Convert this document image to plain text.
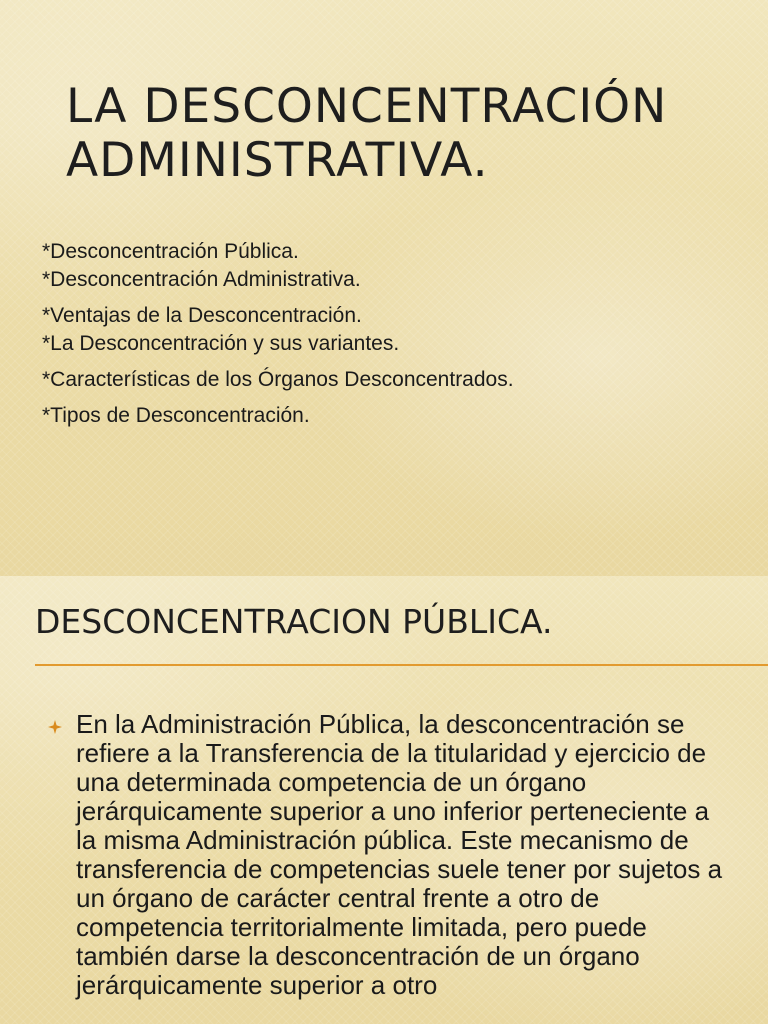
LA DESCONCENTRACIÓN
ADMINISTRATIVA.
*Desconcentración Pública.
*Desconcentración Administrativa.
*Ventajas de la Desconcentración.
*La Desconcentración y sus variantes.
*Características de los Órganos Desconcentrados.
*Tipos de Desconcentración.
DESCONCENTRACION PÚBLICA.

En la Administración Pública, la desconcentración se refiere a la Transferencia de la titularidad y ejercicio de una determinada competencia de un órgano jerárquicamente superior a uno inferior perteneciente a la misma Administración pública. Este mecanismo de transferencia de competencias suele tener por sujetos a un órgano de carácter central frente a otro de competencia territorialmente limitada, pero puede también darse la desconcentración de un órgano jerárquicamente superior a otro
